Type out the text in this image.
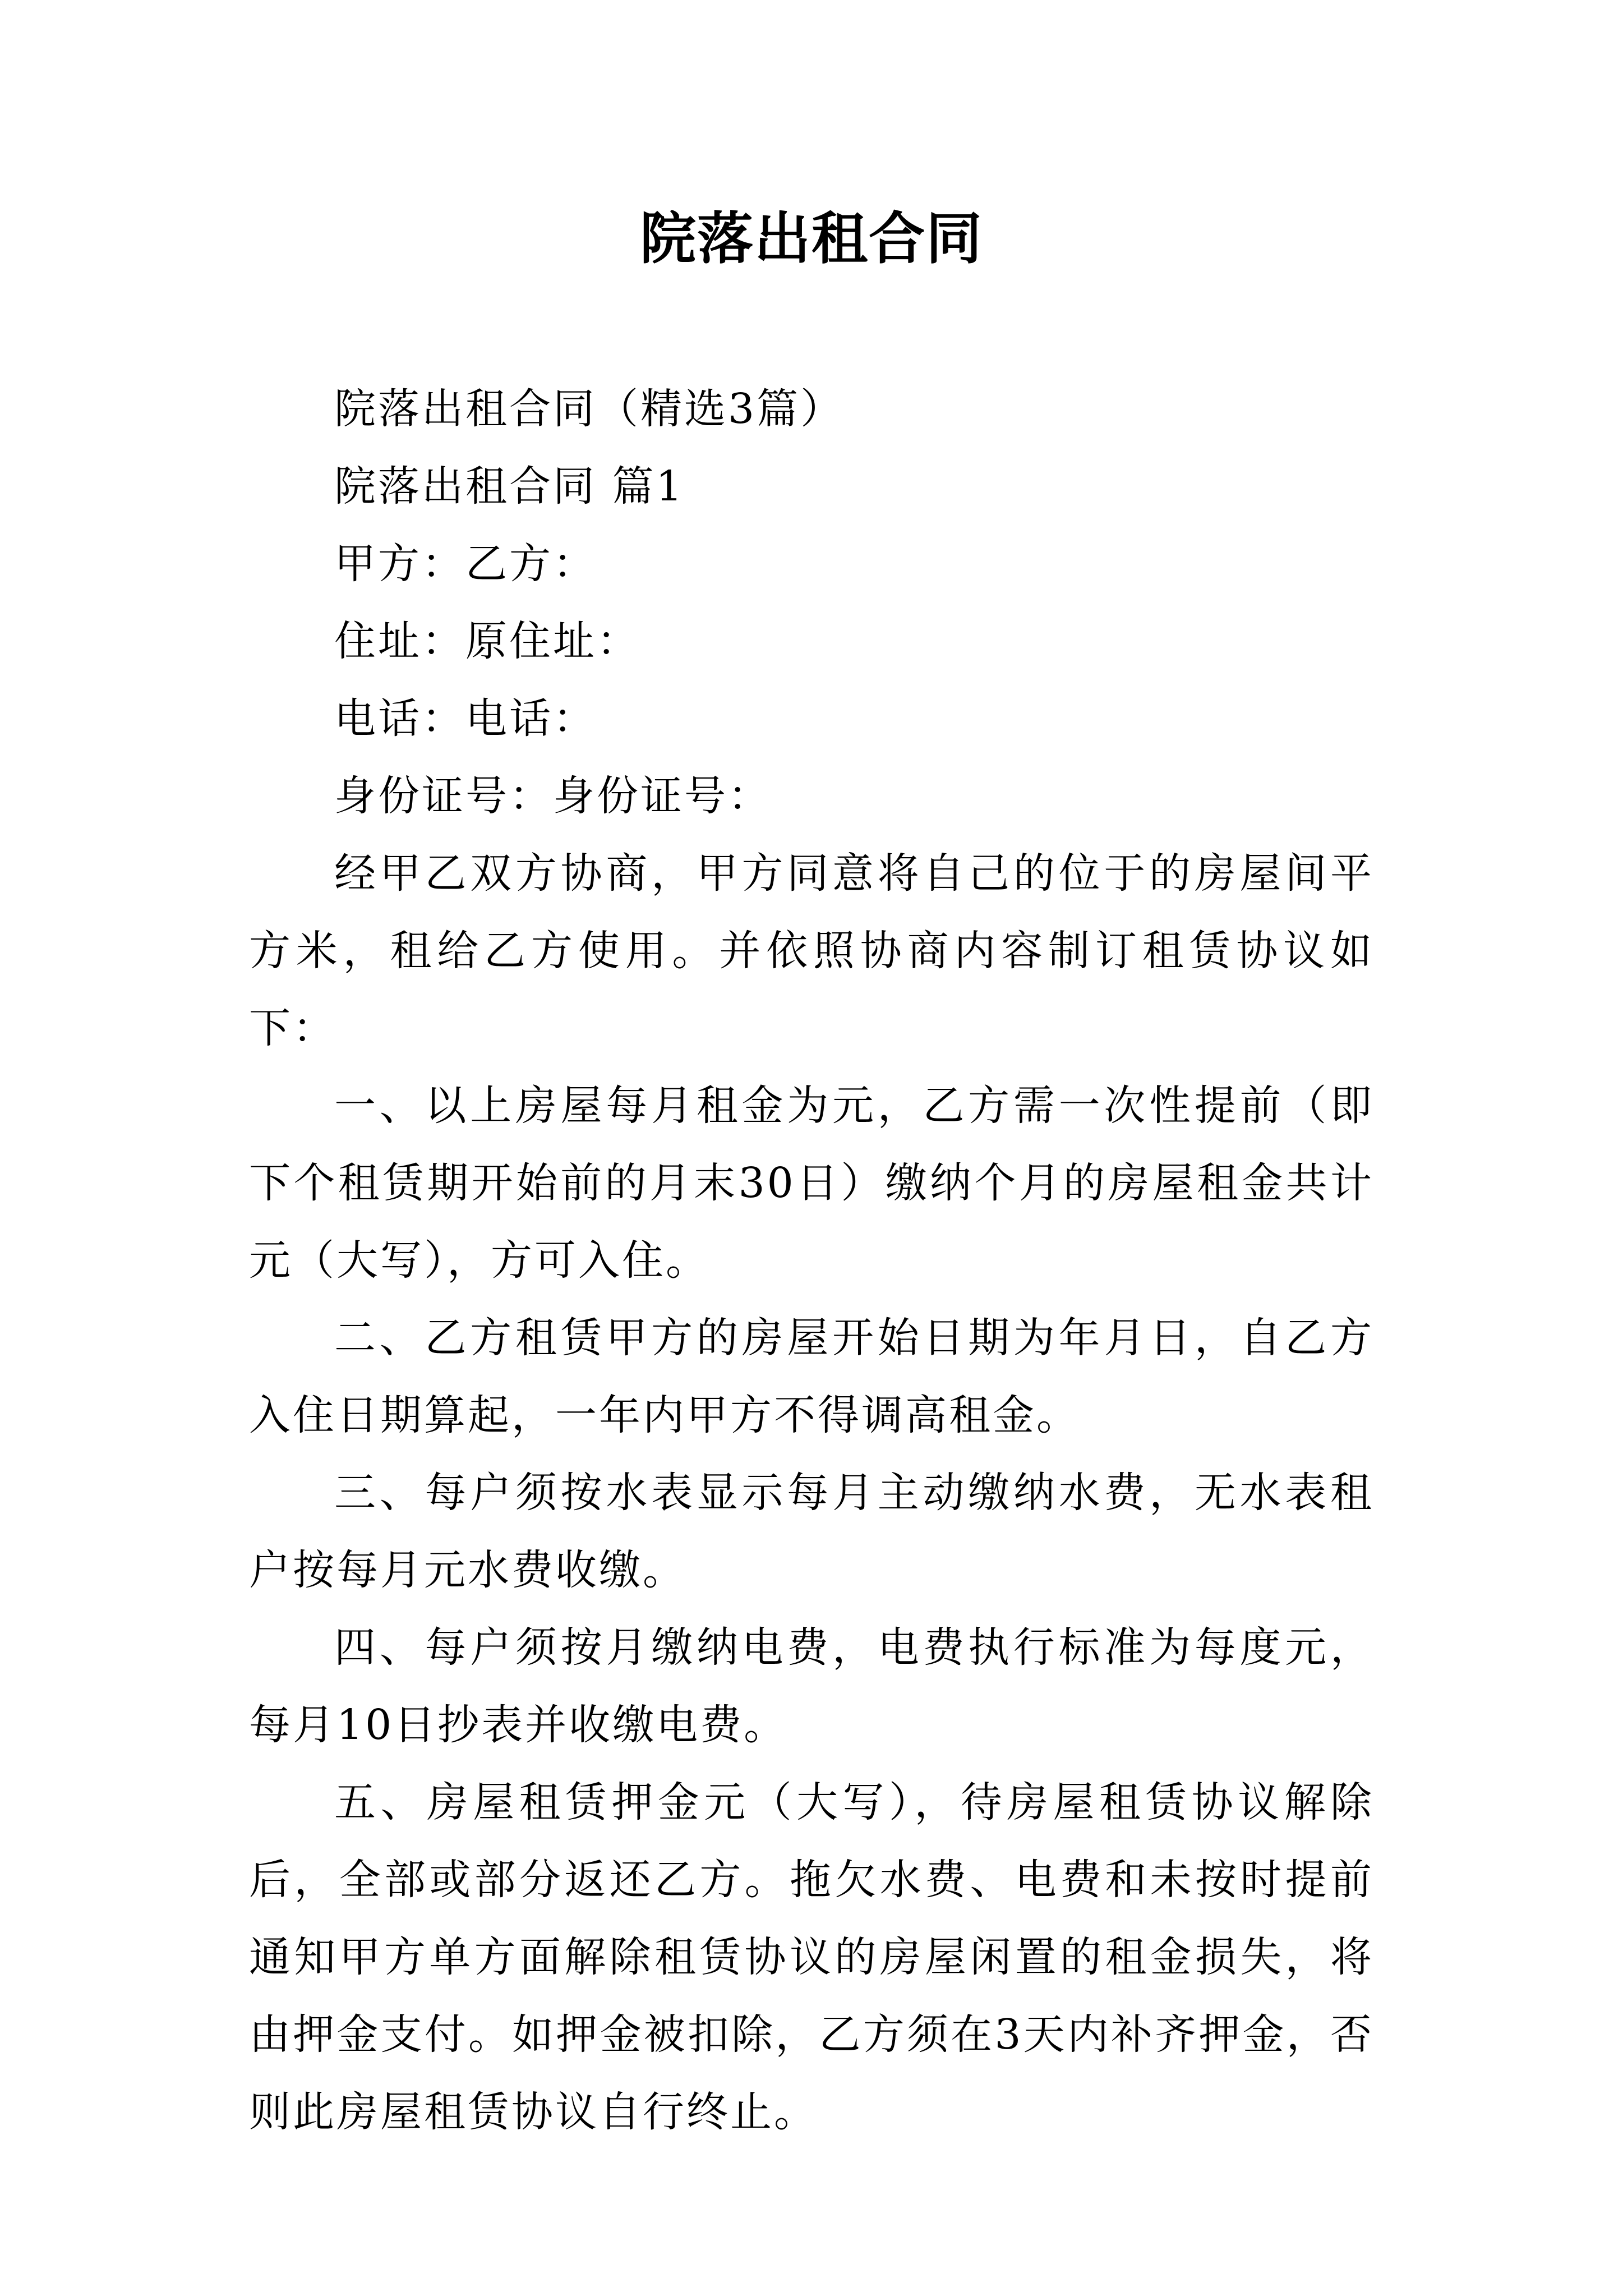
院落出租合同

院落出租合同（精选3篇）

院落出租合同 篇1

甲方：乙方：

住址：原住址：

电话：电话：

身份证号：身份证号：

经甲乙双方协商，甲方同意将自己的位于的房屋间平方米，租给乙方使用。并依照协商内容制订租赁协议如下：

一、以上房屋每月租金为元，乙方需一次性提前（即下个租赁期开始前的月末30日）缴纳个月的房屋租金共计元（大写），方可入住。

二、乙方租赁甲方的房屋开始日期为年月日，自乙方入住日期算起，一年内甲方不得调高租金。

三、每户须按水表显示每月主动缴纳水费，无水表租户按每月元水费收缴。

四、每户须按月缴纳电费，电费执行标准为每度元，每月10日抄表并收缴电费。

五、房屋租赁押金元（大写），待房屋租赁协议解除后，全部或部分返还乙方。拖欠水费、电费和未按时提前通知甲方单方面解除租赁协议的房屋闲置的租金损失，将由押金支付。如押金被扣除，乙方须在3天内补齐押金，否则此房屋租赁协议自行终止。
